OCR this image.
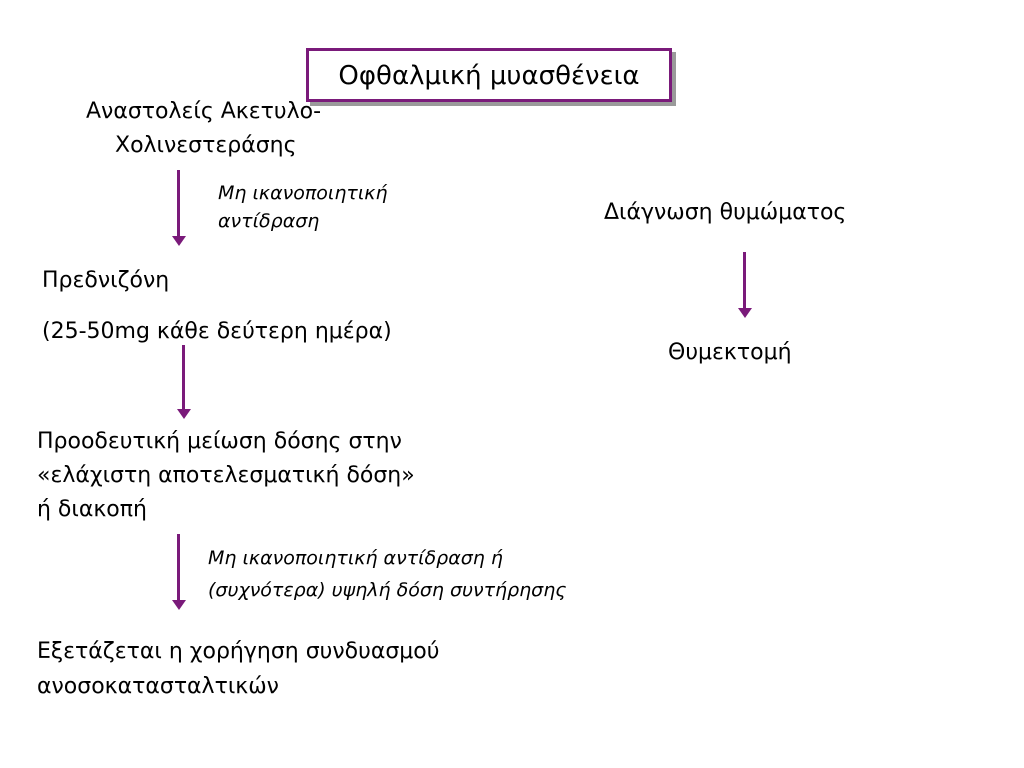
Οφθαλμική μυασθένεια
Αναστολείς Ακετυλο-
Χολινεστεράσης
Μη ικανοποιητική
αντίδραση
Πρεδνιζόνη
(25-50mg κάθε δεύτερη ημέρα)
Προοδευτική μείωση δόσης στην
«ελάχιστη αποτελεσματική δόση»
ή διακοπή
Μη ικανοποιητική αντίδραση ή
(συχνότερα) υψηλή δόση συντήρησης
Εξετάζεται η χορήγηση συνδυασμού
ανοσοκατασταλτικών
Διάγνωση θυμώματος
Θυμεκτομή
